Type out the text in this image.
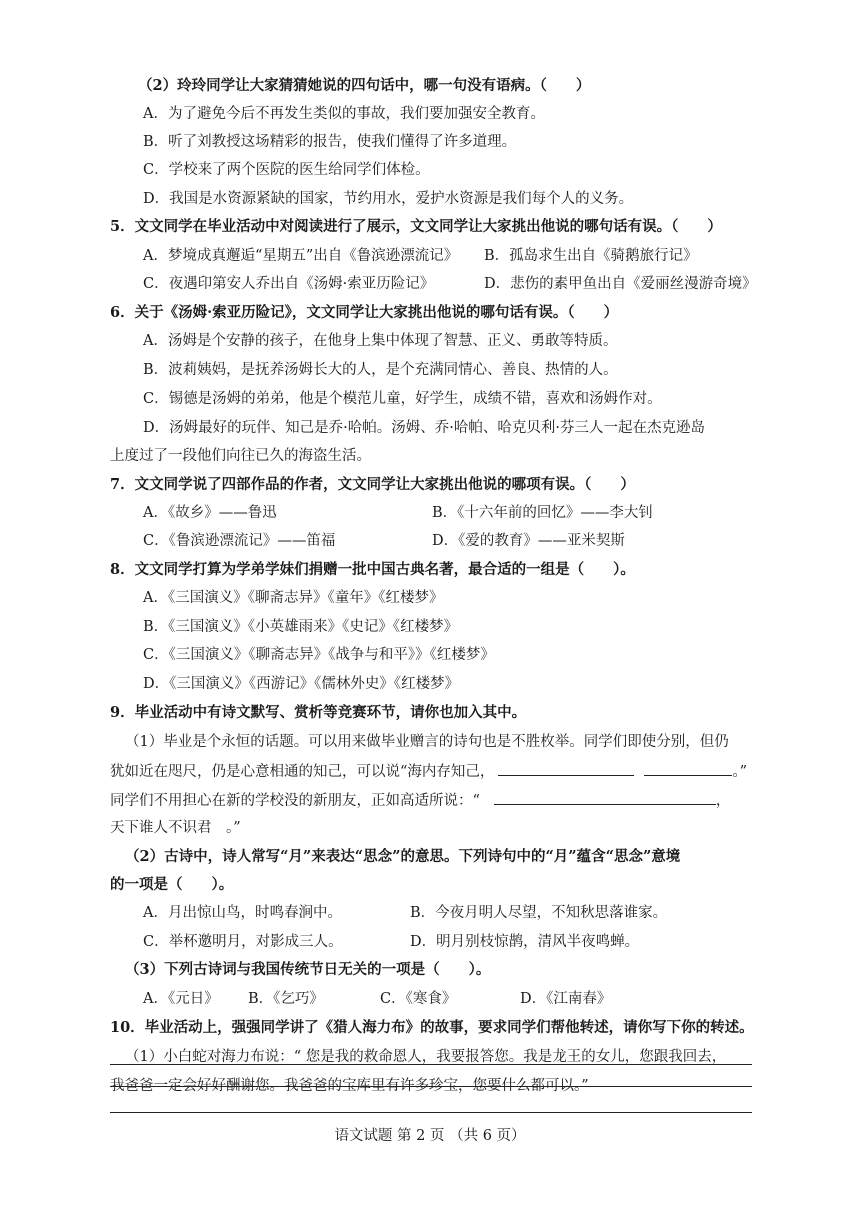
（2）玲玲同学让大家猜猜她说的四句话中，哪一句没有语病。（　　）
A．为了避免今后不再发生类似的事故，我们要加强安全教育。
B．听了刘教授这场精彩的报告，使我们懂得了许多道理。
C．学校来了两个医院的医生给同学们体检。
D．我国是水资源紧缺的国家，节约用水，爱护水资源是我们每个人的义务。
5．文文同学在毕业活动中对阅读进行了展示，文文同学让大家挑出他说的哪句话有误。（　　）
A．梦境成真邂逅“星期五”出自《鲁滨逊漂流记》 B．孤岛求生出自《骑鹅旅行记》
C．夜遇印第安人乔出自《汤姆·索亚历险记》	D．悲伤的素甲鱼出自《爱丽丝漫游奇境》
6．关于《汤姆·索亚历险记》，文文同学让大家挑出他说的哪句话有误。（　　）
A．汤姆是个安静的孩子，在他身上集中体现了智慧、正义、勇敢等特质。
B．波莉姨妈，是抚养汤姆长大的人，是个充满同情心、善良、热情的人。
C．锡德是汤姆的弟弟，他是个模范儿童，好学生，成绩不错，喜欢和汤姆作对。
D．汤姆最好的玩伴、知己是乔·哈帕。汤姆、乔·哈帕、哈克贝利·芬三人一起在杰克逊岛
上度过了一段他们向往已久的海盗生活。
7．文文同学说了四部作品的作者，文文同学让大家挑出他说的哪项有误。（　　）
A．《故乡》——鲁迅	B．《十六年前的回忆》——李大钊
C．《鲁滨逊漂流记》——笛福	D．《爱的教育》——亚米契斯
8．文文同学打算为学弟学妹们捐赠一批中国古典名著，最合适的一组是（　　）。
A．《三国演义》《聊斋志异》《童年》《红楼梦》
B．《三国演义》《小英雄雨来》《史记》《红楼梦》
C．《三国演义》《聊斋志异》《战争与和平》》《红楼梦》
D．《三国演义》《西游记》《儒林外史》《红楼梦》
9．毕业活动中有诗文默写、赏析等竞赛环节，请你也加入其中。
（1）毕业是个永恒的话题。可以用来做毕业赠言的诗句也是不胜枚举。同学们即使分别，但仍
犹如近在咫尺，仍是心意相通的知己，可以说“海内存知己，	。”
同学们不用担心在新的学校没的新朋友，正如高适所说：“	，
天下谁人不识君　。”
（2）古诗中，诗人常写“月”来表达“思念”的意思。下列诗句中的“月”蕴含“思念”意境
的一项是（　　）。
A．月出惊山鸟，时鸣春涧中。	B．今夜月明人尽望，不知秋思落谁家。
C．举杯邀明月，对影成三人。	D．明月别枝惊鹊，清风半夜鸣蝉。
（3）下列古诗词与我国传统节日无关的一项是（　　）。
A．《元日》 B．《乞巧》	C．《寒食》	D．《江南春》
10．毕业活动上，强强同学讲了《猎人海力布》的故事，要求同学们帮他转述，请你写下你的转述。
（1）小白蛇对海力布说：“ 您是我的救命恩人，我要报答您。我是龙王的女儿，您跟我回去，
我爸爸一定会好好酬谢您。我爸爸的宝库里有许多珍宝，您要什么都可以。”
语文试题 第 2 页 （共 6 页）
